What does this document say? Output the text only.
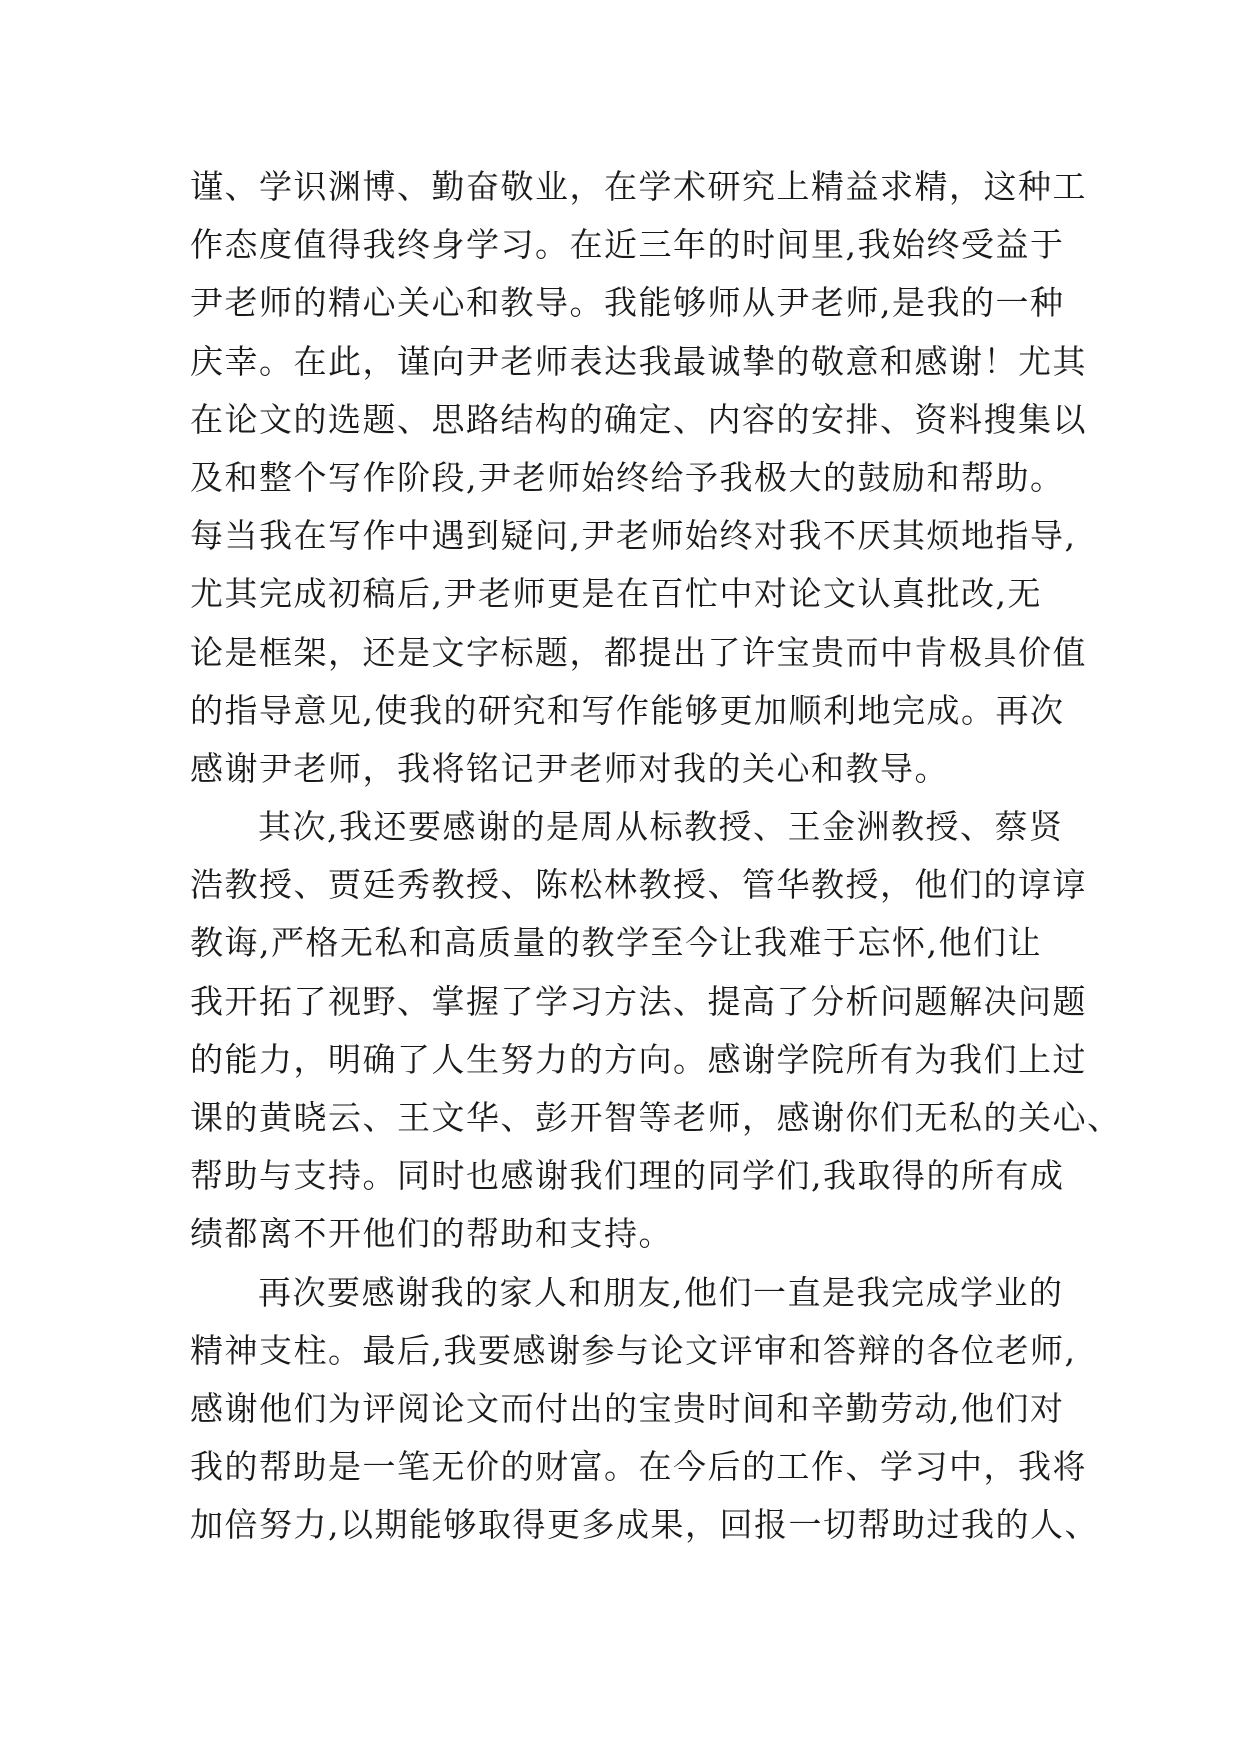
谨、学识渊博、勤奋敬业，在学术研究上精益求精，这种工
作态度值得我终身学习。在近三年的时间里,我始终受益于
尹老师的精心关心和教导。我能够师从尹老师,是我的一种
庆幸。在此，谨向尹老师表达我最诚挚的敬意和感谢！尤其
在论文的选题、思路结构的确定、内容的安排、资料搜集以
及和整个写作阶段,尹老师始终给予我极大的鼓励和帮助。
每当我在写作中遇到疑问,尹老师始终对我不厌其烦地指导,
尤其完成初稿后,尹老师更是在百忙中对论文认真批改,无
论是框架，还是文字标题，都提出了许宝贵而中肯极具价值
的指导意见,使我的研究和写作能够更加顺利地完成。再次
感谢尹老师，我将铭记尹老师对我的关心和教导。
其次,我还要感谢的是周从标教授、王金洲教授、蔡贤
浩教授、贾廷秀教授、陈松林教授、管华教授，他们的谆谆
教诲,严格无私和高质量的教学至今让我难于忘怀,他们让
我开拓了视野、掌握了学习方法、提高了分析问题解决问题
的能力，明确了人生努力的方向。感谢学院所有为我们上过
课的黄晓云、王文华、彭开智等老师，感谢你们无私的关心、
帮助与支持。同时也感谢我们理的同学们,我取得的所有成
绩都离不开他们的帮助和支持。
再次要感谢我的家人和朋友,他们一直是我完成学业的
精神支柱。最后,我要感谢参与论文评审和答辩的各位老师,
感谢他们为评阅论文而付出的宝贵时间和辛勤劳动,他们对
我的帮助是一笔无价的财富。在今后的工作、学习中，我将
加倍努力,以期能够取得更多成果，回报一切帮助过我的人、
